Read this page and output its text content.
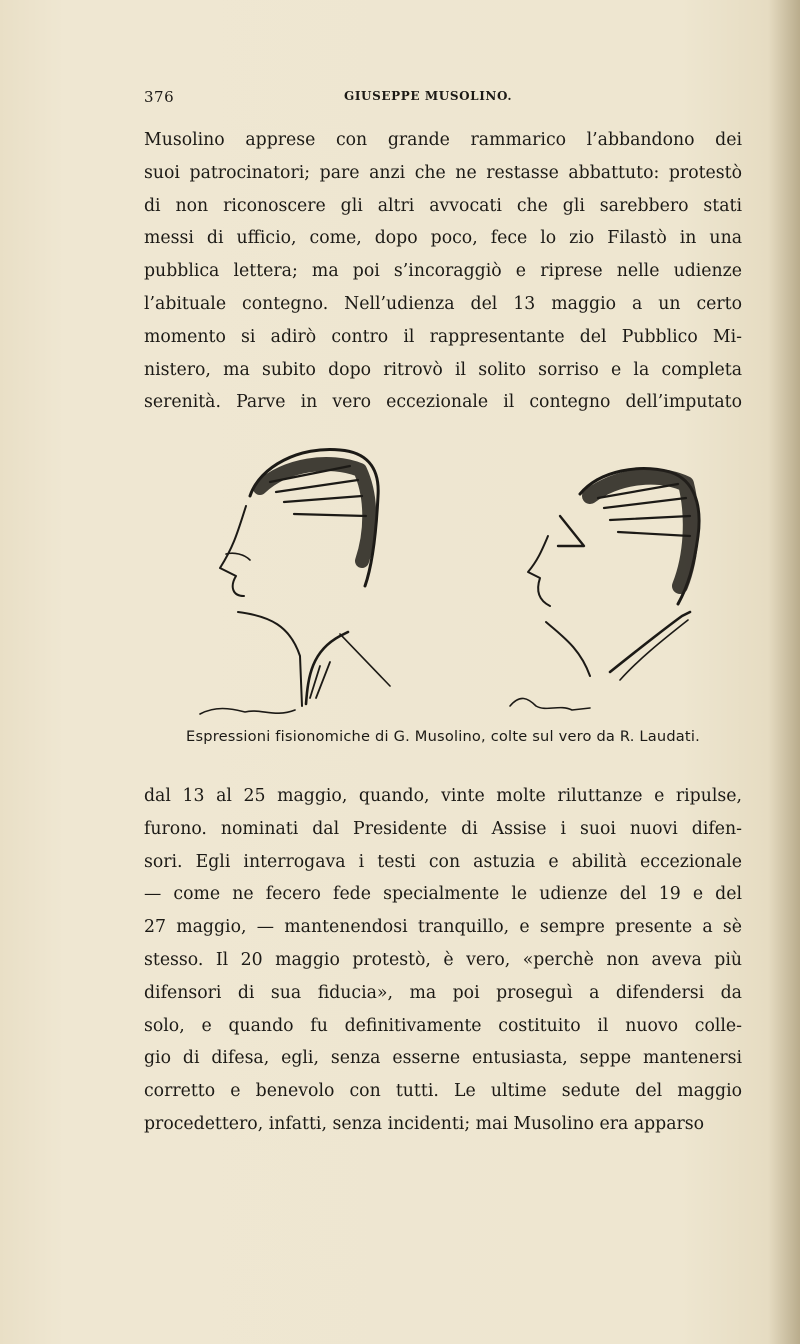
376	GIUSEPPE MUSOLINO.
Musolino apprese con grande rammarico l’abbandono dei
suoi patrocinatori; pare anzi che ne restasse abbattuto: protestò
di non riconoscere gli altri avvocati che gli sarebbero stati
messi di ufficio, come, dopo poco, fece lo zio Filastò in una
pubblica lettera; ma poi s’incoraggiò e riprese nelle udienze
l’abituale contegno. Nell’udienza del 13 maggio a un certo
momento si adirò contro il rappresentante del Pubblico Mi-
nistero, ma subito dopo ritrovò il solito sorriso e la completa
serenità. Parve in vero eccezionale il contegno dell’imputato
Espressioni fisionomiche di G. Musolino, colte sul vero da R. Laudati.
dal 13 al 25 maggio, quando, vinte molte riluttanze e ripulse,
furono. nominati dal Presidente di Assise i suoi nuovi difen-
sori. Egli interrogava i testi con astuzia e abilità eccezionale
— come ne fecero fede specialmente le udienze del 19 e del
27 maggio, — mantenendosi tranquillo, e sempre presente a sè
stesso. Il 20 maggio protestò, è vero, «perchè non aveva più
difensori di sua fiducia», ma poi proseguì a difendersi da
solo, e quando fu definitivamente costituito il nuovo colle-
gio di difesa, egli, senza esserne entusiasta, seppe mantenersi
corretto e benevolo con tutti. Le ultime sedute del maggio
procedettero, infatti, senza incidenti; mai Musolino era apparso
